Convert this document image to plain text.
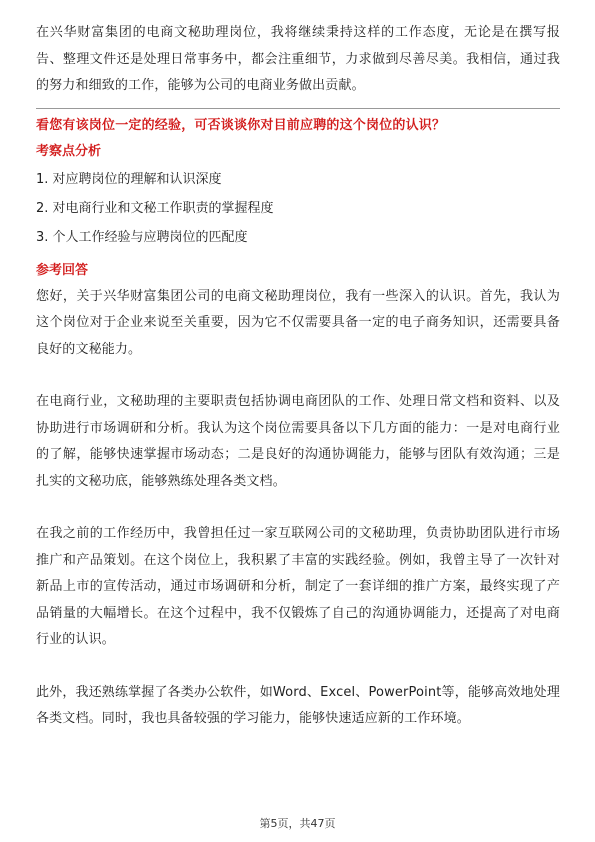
在兴华财富集团的电商文秘助理岗位，我将继续秉持这样的工作态度，无论是在撰写报告、整理文件还是处理日常事务中，都会注重细节，力求做到尽善尽美。我相信，通过我的努力和细致的工作，能够为公司的电商业务做出贡献。

看您有该岗位一定的经验，可否谈谈你对目前应聘的这个岗位的认识？

考察点分析

1. 对应聘岗位的理解和认识深度
2. 对电商行业和文秘工作职责的掌握程度
3. 个人工作经验与应聘岗位的匹配度

参考回答

您好，关于兴华财富集团公司的电商文秘助理岗位，我有一些深入的认识。首先，我认为这个岗位对于企业来说至关重要，因为它不仅需要具备一定的电子商务知识，还需要具备良好的文秘能力。

在电商行业，文秘助理的主要职责包括协调电商团队的工作、处理日常文档和资料、以及协助进行市场调研和分析。我认为这个岗位需要具备以下几方面的能力：一是对电商行业的了解，能够快速掌握市场动态；二是良好的沟通协调能力，能够与团队有效沟通；三是扎实的文秘功底，能够熟练处理各类文档。

在我之前的工作经历中，我曾担任过一家互联网公司的文秘助理，负责协助团队进行市场推广和产品策划。在这个岗位上，我积累了丰富的实践经验。例如，我曾主导了一次针对新品上市的宣传活动，通过市场调研和分析，制定了一套详细的推广方案，最终实现了产品销量的大幅增长。在这个过程中，我不仅锻炼了自己的沟通协调能力，还提高了对电商行业的认识。

此外，我还熟练掌握了各类办公软件，如Word、Excel、PowerPoint等，能够高效地处理各类文档。同时，我也具备较强的学习能力，能够快速适应新的工作环境。

第5页，共47页
